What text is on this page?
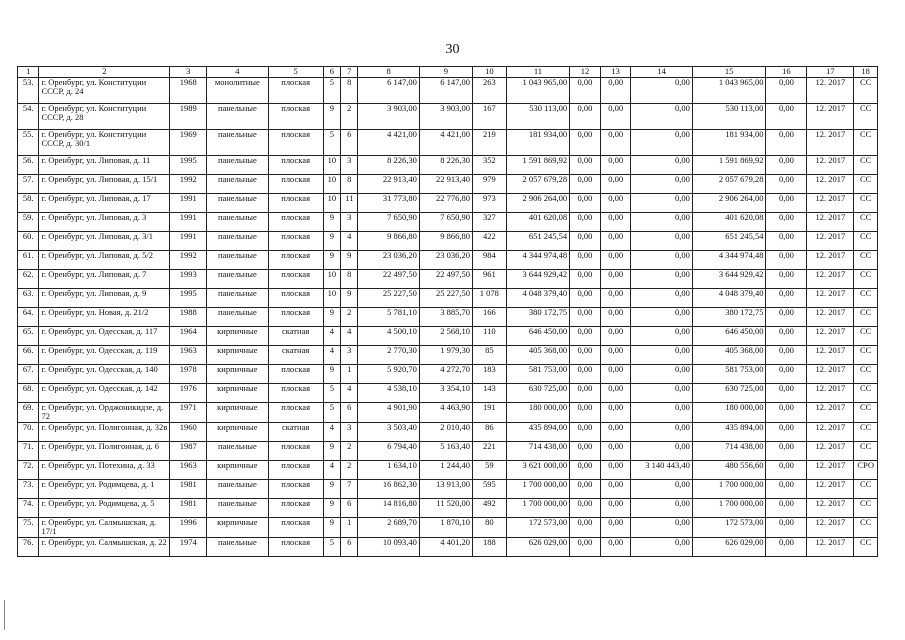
30
1	2	3	4	5	6	7	8	9	10	11	12	13	14	15	16	17	18
53.	г. Оренбург, ул. Конституции СССР, д. 24	1968	монолитные	плоская	5	8	6 147,00	6 147,00	263	1 043 965,00	0,00	0,00	0,00	1 043 965,00	0,00	12. 2017	СС
54.	г. Оренбург, ул. Конституции СССР, д. 28	1989	панельные	плоская	9	2	3 903,00	3 903,00	167	530 113,00	0,00	0,00	0,00	530 113,00	0,00	12. 2017	СС
55.	г. Оренбург, ул. Конституции СССР, д. 30/1	1969	панельные	плоская	5	6	4 421,00	4 421,00	219	181 934,00	0,00	0,00	0,00	181 934,00	0,00	12. 2017	СС
56.	г. Оренбург, ул. Липовая, д. 11	1995	панельные	плоская	10	3	8 226,30	8 226,30	352	1 591 869,92	0,00	0,00	0,00	1 591 869,92	0,00	12. 2017	СС
57.	г. Оренбург, ул. Липовая, д. 15/1	1992	панельные	плоская	10	8	22 913,40	22 913,40	979	2 057 679,28	0,00	0,00	0,00	2 057 679,28	0,00	12. 2017	СС
58.	г. Оренбург, ул. Липовая, д. 17	1991	панельные	плоская	10	11	31 773,80	22 776,80	973	2 906 264,00	0,00	0,00	0,00	2 906 264,00	0,00	12. 2017	СС
59.	г. Оренбург, ул. Липовая, д. 3	1991	панельные	плоская	9	3	7 650,90	7 650,90	327	401 620,08	0,00	0,00	0,00	401 620,08	0,00	12. 2017	СС
60.	г. Оренбург, ул. Липовая, д. 3/1	1991	панельные	плоская	9	4	9 866,80	9 866,80	422	651 245,54	0,00	0,00	0,00	651 245,54	0,00	12. 2017	СС
61.	г. Оренбург, ул. Липовая, д. 5/2	1992	панельные	плоская	9	9	23 036,20	23 036,20	984	4 344 974,48	0,00	0,00	0,00	4 344 974,48	0,00	12. 2017	СС
62.	г. Оренбург, ул. Липовая, д. 7	1993	панельные	плоская	10	8	22 497,50	22 497,50	961	3 644 929,42	0,00	0,00	0,00	3 644 929,42	0,00	12. 2017	СС
63.	г. Оренбург, ул. Липовая, д. 9	1995	панельные	плоская	10	9	25 227,50	25 227,50	1 078	4 048 379,40	0,00	0,00	0,00	4 048 379,40	0,00	12. 2017	СС
64.	г. Оренбург, ул. Новая, д. 21/2	1988	панельные	плоская	9	2	5 781,10	3 885,70	166	380 172,75	0,00	0,00	0,00	380 172,75	0,00	12. 2017	СС
65.	г. Оренбург, ул. Одесская, д. 117	1964	кирпичные	скатная	4	4	4 500,10	2 568,10	110	646 450,00	0,00	0,00	0,00	646 450,00	0,00	12. 2017	СС
66.	г. Оренбург, ул. Одесская, д. 119	1963	кирпичные	скатная	4	3	2 770,30	1 979,30	85	405 368,00	0,00	0,00	0,00	405 368,00	0,00	12. 2017	СС
67.	г. Оренбург, ул. Одесская, д. 140	1978	кирпичные	плоская	9	1	5 920,70	4 272,70	183	581 753,00	0,00	0,00	0,00	581 753,00	0,00	12. 2017	СС
68.	г. Оренбург, ул. Одесская, д. 142	1976	кирпичные	плоская	5	4	4 538,10	3 354,10	143	630 725,00	0,00	0,00	0,00	630 725,00	0,00	12. 2017	СС
69.	г. Оренбург, ул. Орджоникидзе, д. 72	1971	кирпичные	плоская	5	6	4 901,90	4 463,90	191	180 000,00	0,00	0,00	0,00	180 000,00	0,00	12. 2017	СС
70.	г. Оренбург, ул. Полигонная, д. 32в	1960	кирпичные	скатная	4	3	3 503,40	2 010,40	86	435 894,00	0,00	0,00	0,00	435 894,00	0,00	12. 2017	СС
71.	г. Оренбург, ул. Полигонная, д. 6	1987	панельные	плоская	9	2	6 794,40	5 163,40	221	714 438,00	0,00	0,00	0,00	714 438,00	0,00	12. 2017	СС
72.	г. Оренбург, ул. Потехина, д. 33	1963	кирпичные	плоская	4	2	1 634,10	1 244,40	59	3 621 000,00	0,00	0,00	3 140 443,40	480 556,60	0,00	12. 2017	СРО
73.	г. Оренбург, ул. Родимцева, д. 1	1981	панельные	плоская	9	7	16 862,30	13 913,00	595	1 700 000,00	0,00	0,00	0,00	1 700 000,00	0,00	12. 2017	СС
74.	г. Оренбург, ул. Родимцева, д. 5	1981	панельные	плоская	9	6	14 816,80	11 520,00	492	1 700 000,00	0,00	0,00	0,00	1 700 000,00	0,00	12. 2017	СС
75.	г. Оренбург, ул. Салмышская, д. 17/1	1996	кирпичные	плоская	9	1	2 689,70	1 870,10	80	172 573,00	0,00	0,00	0,00	172 573,00	0,00	12. 2017	СС
76.	г. Оренбург, ул. Салмышская, д. 22	1974	панельные	плоская	5	6	10 093,40	4 401,20	188	626 029,00	0,00	0,00	0,00	626 029,00	0,00	12. 2017	СС
